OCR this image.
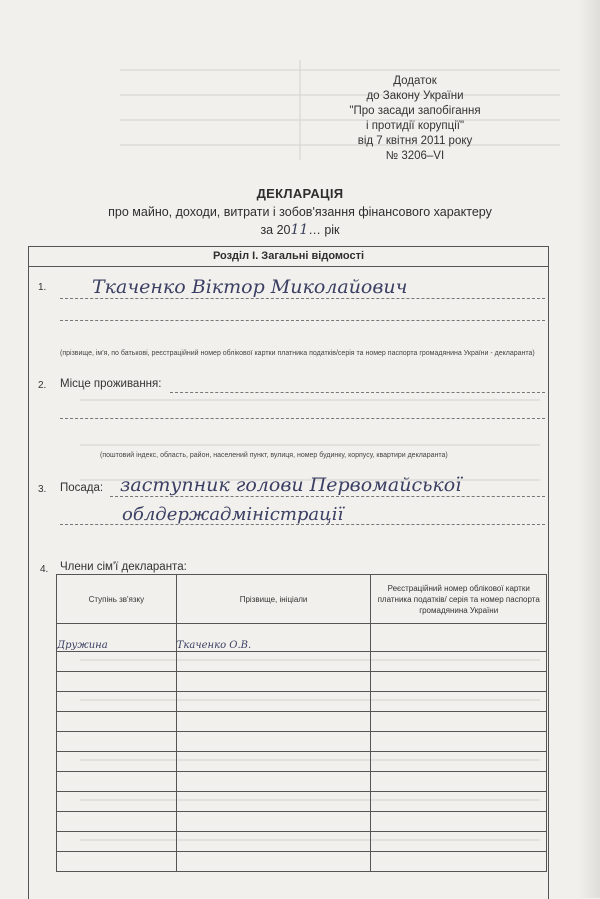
Додаток
до Закону України
"Про засади запобігання
і протидії корупції"
від 7 квітня 2011 року
№ 3206–VI
ДЕКЛАРАЦІЯ
про майно, доходи, витрати і зобов'язання фінансового характеру
за 2011… рік
Розділ І. Загальні відомості
1. Ткаченко Віктор Миколайович
(прізвище, ім'я, по батькові, реєстраційний номер облікової картки платника податків/серія та номер паспорта громадянина України - декларанта)
2. Місце проживання:
(поштовий індекс, область, район, населений пункт, вулиця, номер будинку, корпусу, квартири декларанта)
3. Посада: заступник голови Первомайської
облдержадміністрації
4. Члени сім'ї декларанта:
Ступінь зв'язку	Прізвище, ініціали	Реєстраційний номер облікової картки платника податків/ серія та номер паспорта громадянина України
Дружина	Ткаченко О.В.	
